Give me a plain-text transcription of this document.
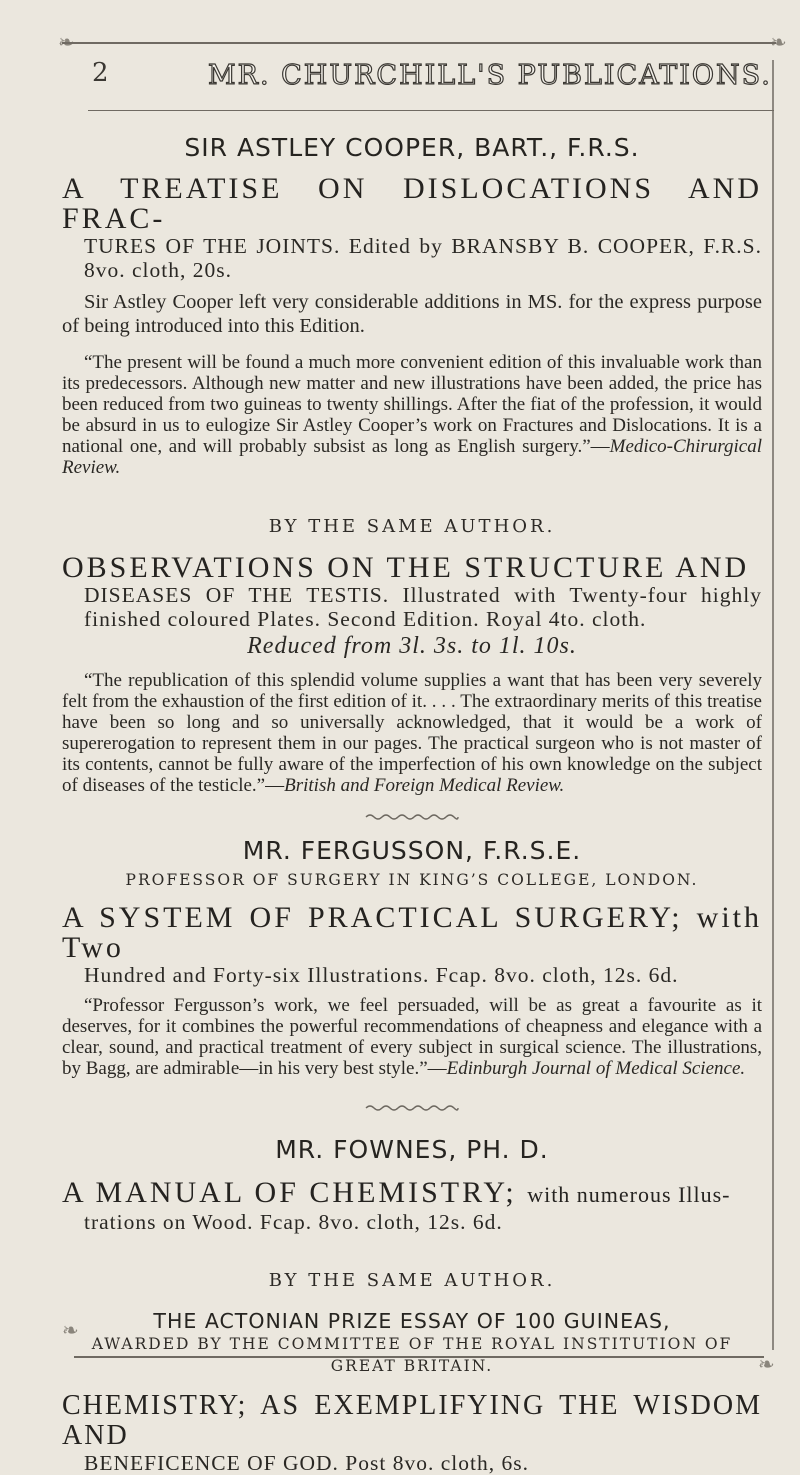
❧	❧
2	MR. CHURCHILL'S PUBLICATIONS.
SIR ASTLEY COOPER, BART., F.R.S.

A TREATISE ON DISLOCATIONS AND FRAC-

TURES OF THE JOINTS. Edited by BRANSBY B. COOPER, F.R.S. 8vo. cloth, 20s.

Sir Astley Cooper left very considerable additions in MS. for the express purpose of being introduced into this Edition.

“The present will be found a much more convenient edition of this invaluable work than its predecessors. Although new matter and new illustrations have been added, the price has been reduced from two guineas to twenty shillings. After the fiat of the profession, it would be absurd in us to eulogize Sir Astley Cooper’s work on Fractures and Dislocations. It is a national one, and will probably subsist as long as English surgery.”—Medico-Chirurgical Review.

BY THE SAME AUTHOR.

OBSERVATIONS ON THE STRUCTURE AND

DISEASES OF THE TESTIS. Illustrated with Twenty-four highly finished coloured Plates. Second Edition. Royal 4to. cloth.

Reduced from 3l. 3s. to 1l. 10s.

“The republication of this splendid volume supplies a want that has been very severely felt from the exhaustion of the first edition of it. . . . The extraordinary merits of this treatise have been so long and so universally acknowledged, that it would be a work of supererogation to represent them in our pages. The practical surgeon who is not master of its contents, cannot be fully aware of the imperfection of his own knowledge on the subject of diseases of the testicle.”—British and Foreign Medical Review.

MR. FERGUSSON, F.R.S.E.

PROFESSOR OF SURGERY IN KING’S COLLEGE, LONDON.

A SYSTEM OF PRACTICAL SURGERY; with Two

Hundred and Forty-six Illustrations. Fcap. 8vo. cloth, 12s. 6d.

“Professor Fergusson’s work, we feel persuaded, will be as great a favourite as it deserves, for it combines the powerful recommendations of cheapness and elegance with a clear, sound, and practical treatment of every subject in surgical science. The illustrations, by Bagg, are admirable—in his very best style.”—Edinburgh Journal of Medical Science.

MR. FOWNES, PH. D.

A MANUAL OF CHEMISTRY; with numerous Illus-

trations on Wood. Fcap. 8vo. cloth, 12s. 6d.

BY THE SAME AUTHOR.

THE ACTONIAN PRIZE ESSAY OF 100 GUINEAS,

AWARDED BY THE COMMITTEE OF THE ROYAL INSTITUTION OF GREAT BRITAIN.

CHEMISTRY; AS EXEMPLIFYING THE WISDOM AND

BENEFICENCE OF GOD. Post 8vo. cloth, 6s.

❧
❧
